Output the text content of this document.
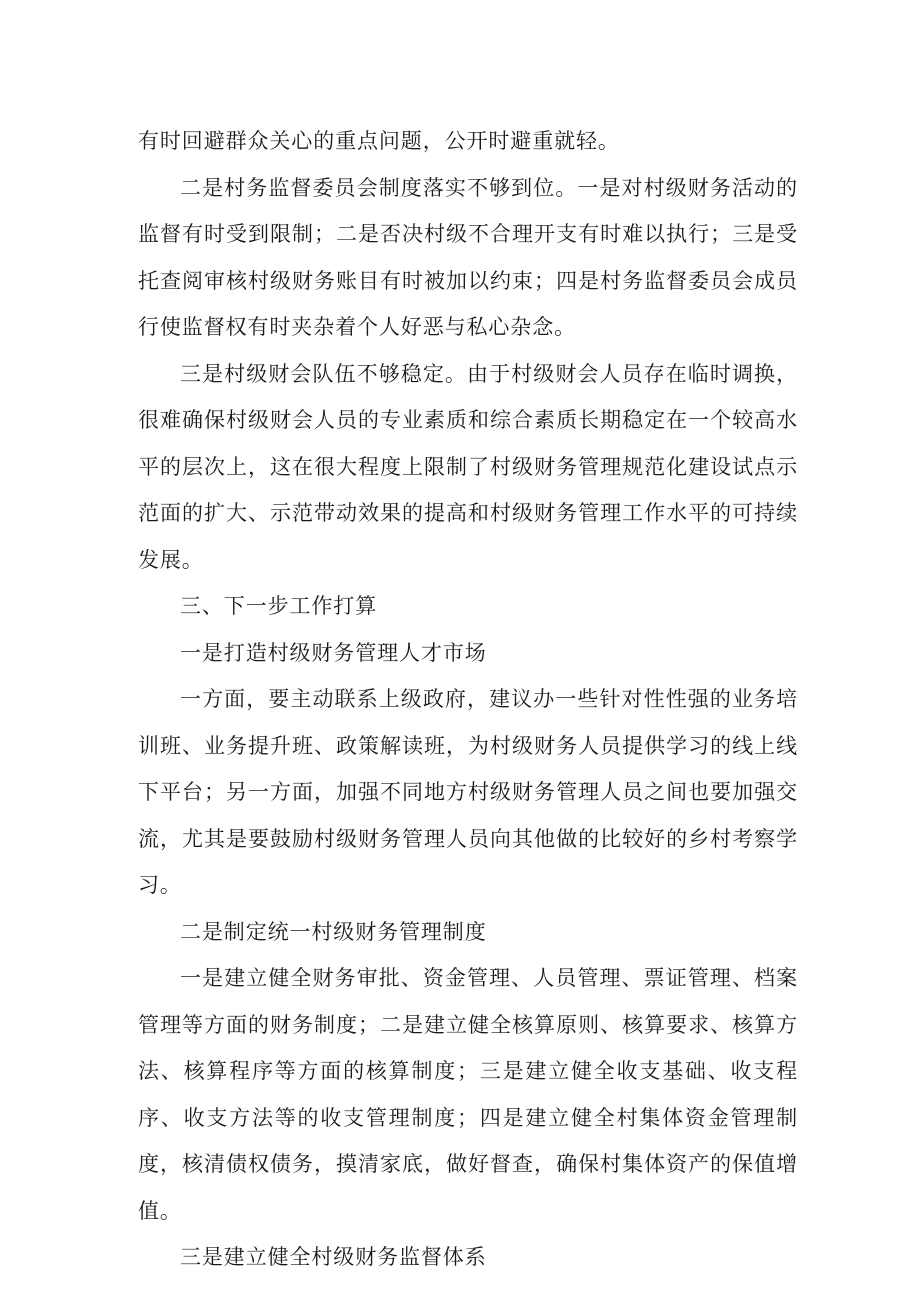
有时回避群众关心的重点问题，公开时避重就轻。

二是村务监督委员会制度落实不够到位。一是对村级财务活动的监督有时受到限制；二是否决村级不合理开支有时难以执行；三是受托查阅审核村级财务账目有时被加以约束；四是村务监督委员会成员行使监督权有时夹杂着个人好恶与私心杂念。

三是村级财会队伍不够稳定。由于村级财会人员存在临时调换，很难确保村级财会人员的专业素质和综合素质长期稳定在一个较高水平的层次上，这在很大程度上限制了村级财务管理规范化建设试点示范面的扩大、示范带动效果的提高和村级财务管理工作水平的可持续发展。

三、下一步工作打算

一是打造村级财务管理人才市场

一方面，要主动联系上级政府，建议办一些针对性性强的业务培训班、业务提升班、政策解读班，为村级财务人员提供学习的线上线下平台；另一方面，加强不同地方村级财务管理人员之间也要加强交流，尤其是要鼓励村级财务管理人员向其他做的比较好的乡村考察学习。

二是制定统一村级财务管理制度

一是建立健全财务审批、资金管理、人员管理、票证管理、档案管理等方面的财务制度；二是建立健全核算原则、核算要求、核算方法、核算程序等方面的核算制度；三是建立健全收支基础、收支程序、收支方法等的收支管理制度；四是建立健全村集体资金管理制度，核清债权债务，摸清家底，做好督查，确保村集体资产的保值增值。

三是建立健全村级财务监督体系
